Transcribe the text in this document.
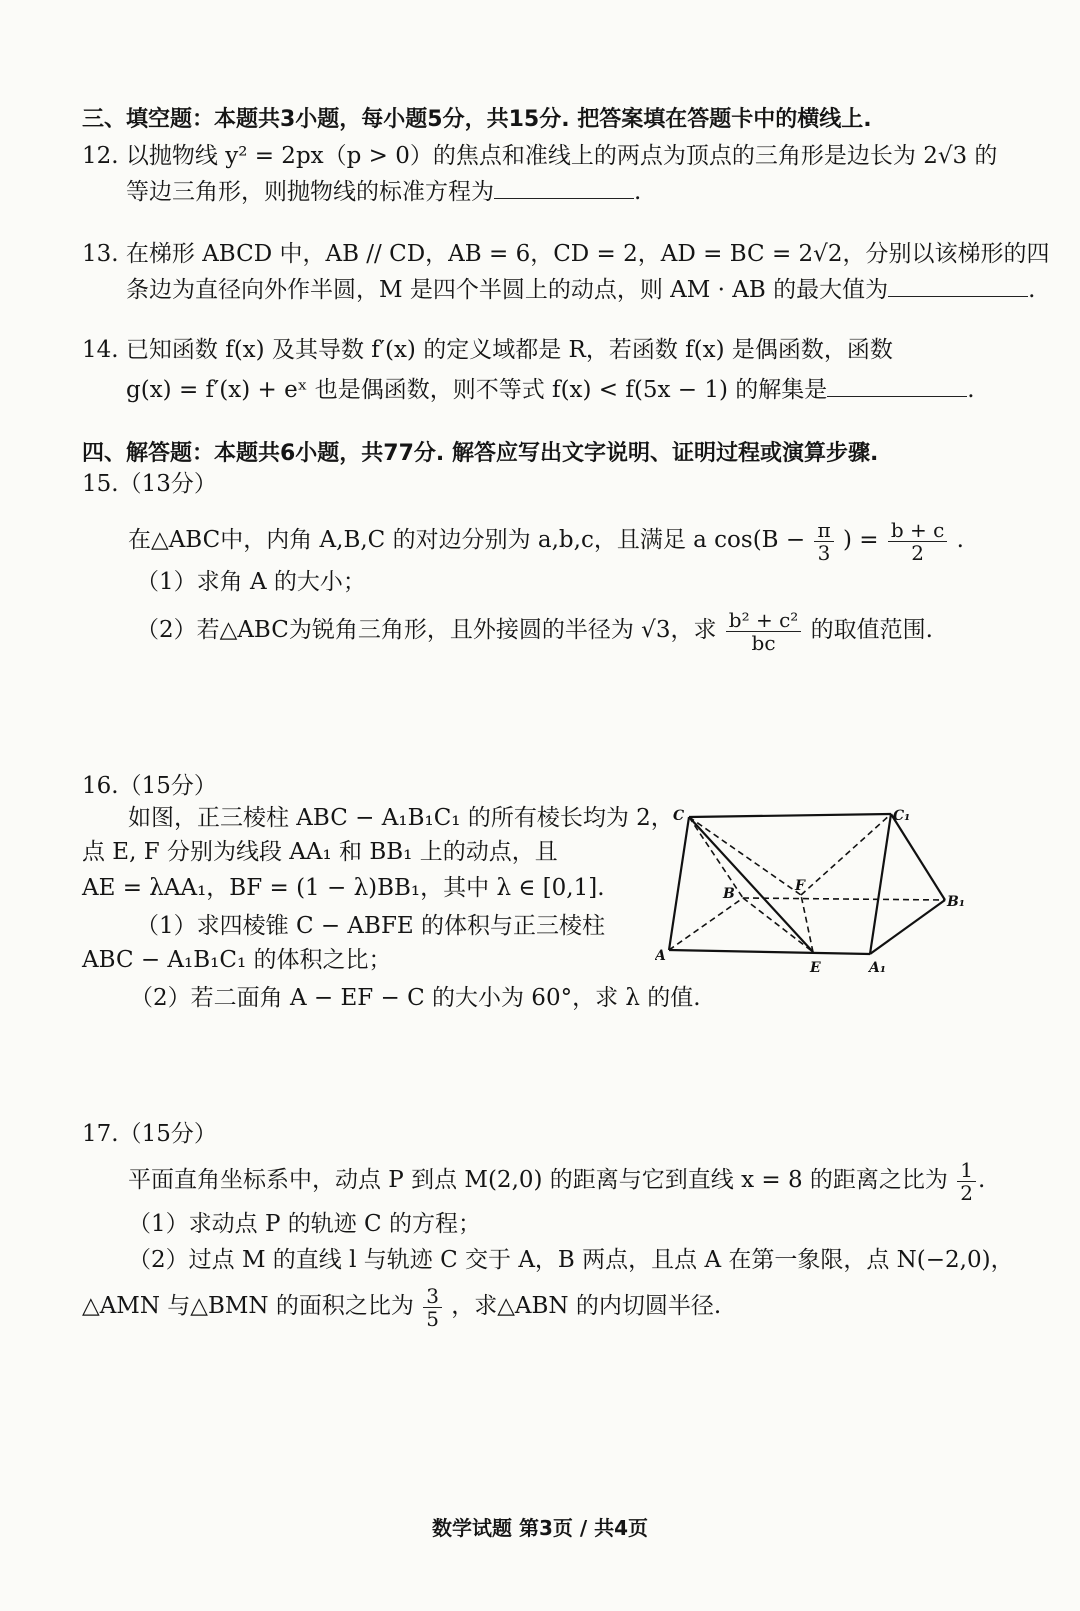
三、填空题：本题共3小题，每小题5分，共15分. 把答案填在答题卡中的横线上.
12. 以抛物线 y² = 2px（p > 0）的焦点和准线上的两点为顶点的三角形是边长为 2√3 的
等边三角形，则抛物线的标准方程为	.
13. 在梯形 ABCD 中，AB // CD，AB = 6，CD = 2，AD = BC = 2√2，分别以该梯形的四
条边为直径向外作半圆，M 是四个半圆上的动点，则 AM · AB 的最大值为	.
14. 已知函数 f(x) 及其导数 f′(x) 的定义域都是 R，若函数 f(x) 是偶函数，函数
g(x) = f′(x) + eˣ 也是偶函数，则不等式 f(x) < f(5x − 1) 的解集是	.
四、解答题：本题共6小题，共77分. 解答应写出文字说明、证明过程或演算步骤.
15.（13分）
在△ABC中，内角 A,B,C 的对边分别为 a,b,c，且满足 a $\cos(B - \frac{\pi}{3}$ ) = $\frac{b + c}{2}$ .
（1）求角 A 的大小；
（2）若△ABC为锐角三角形，且外接圆的半径为 √3，求 $\frac{\text{b² + c²}}{bc}$ 的取值范围.
16.（15分）
如图，正三棱柱 ABC − A₁B₁C₁ 的所有棱长均为 2，
点 E, F 分别为线段 AA₁ 和 BB₁ 上的动点，且
AE = λAA₁，BF = (1 − λ)BB₁，其中 λ ∈ [0,1].
（1）求四棱锥 C − ABFE 的体积与正三棱柱
ABC − A₁B₁C₁ 的体积之比；
（2）若二面角 A − EF − C 的大小为 60°，求 λ 的值.
C	C₁
B	F
B₁
A
E	A₁
17.（15分）
平面直角坐标系中，动点 P 到点 M(2,0) 的距离与它到直线 x = 8 的距离之比为 $\frac{1}{2}$ .
（1）求动点 P 的轨迹 C 的方程；
（2）过点 M 的直线 l 与轨迹 C 交于 A，B 两点，且点 A 在第一象限，点 N(−2,0)，
△AMN 与△BMN 的面积之比为 $\frac{3}{5}$ ，求△ABN 的内切圆半径.
数学试题 第3页 / 共4页
